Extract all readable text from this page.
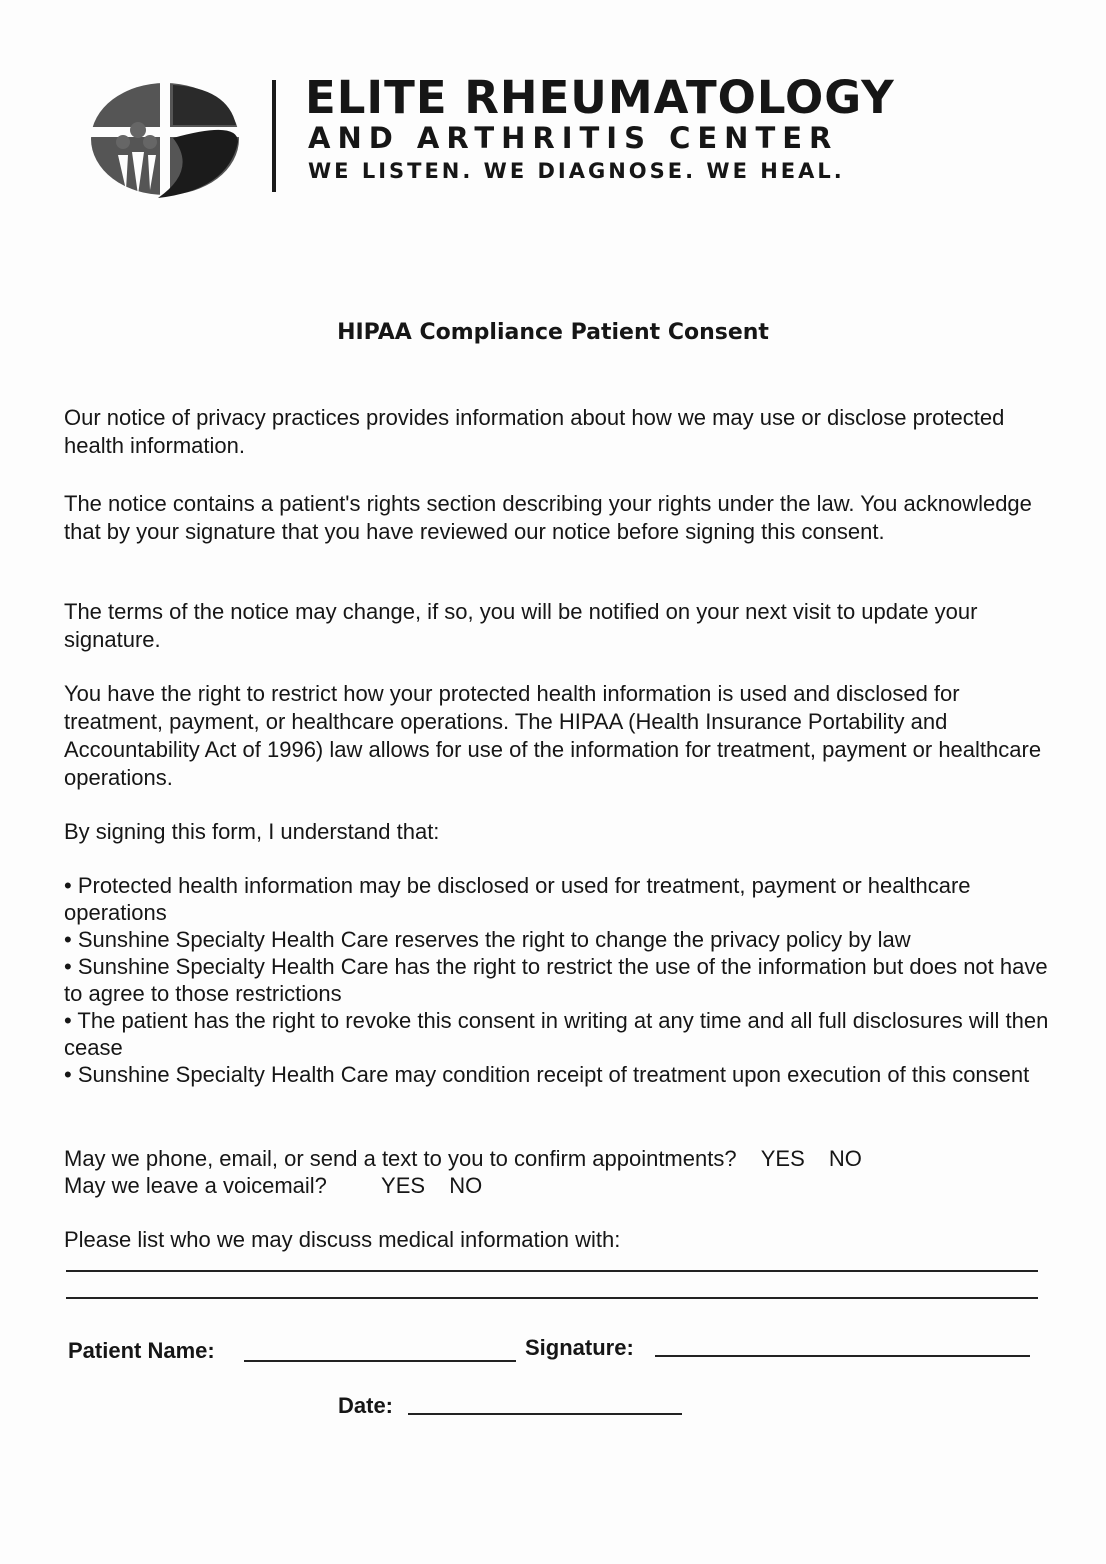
ELITE RHEUMATOLOGY
AND ARTHRITIS CENTER
WE LISTEN. WE DIAGNOSE. WE HEAL.
HIPAA Compliance Patient Consent
Our notice of privacy practices provides information about how we may use or disclose protected health information.
The notice contains a patient's rights section describing your rights under the law. You acknowledge that by your signature that you have reviewed our notice before signing this consent.
The terms of the notice may change, if so, you will be notified on your next visit to update your signature.
You have the right to restrict how your protected health information is used and disclosed for treatment, payment, or healthcare operations. The HIPAA (Health Insurance Portability and Accountability Act of 1996) law allows for use of the information for treatment, payment or healthcare operations.
By signing this form, I understand that:
• Protected health information may be disclosed or used for treatment, payment or healthcare operations
• Sunshine Specialty Health Care reserves the right to change the privacy policy by law
• Sunshine Specialty Health Care has the right to restrict the use of the information but does not have to agree to those restrictions
• The patient has the right to revoke this consent in writing at any time and all full disclosures will then cease
• Sunshine Specialty Health Care may condition receipt of treatment upon execution of this consent
May we phone, email, or send a text to you to confirm appointments? YES NO
May we leave a voicemail? YES NO
Please list who we may discuss medical information with:
Patient Name:	Signature:
Date:
